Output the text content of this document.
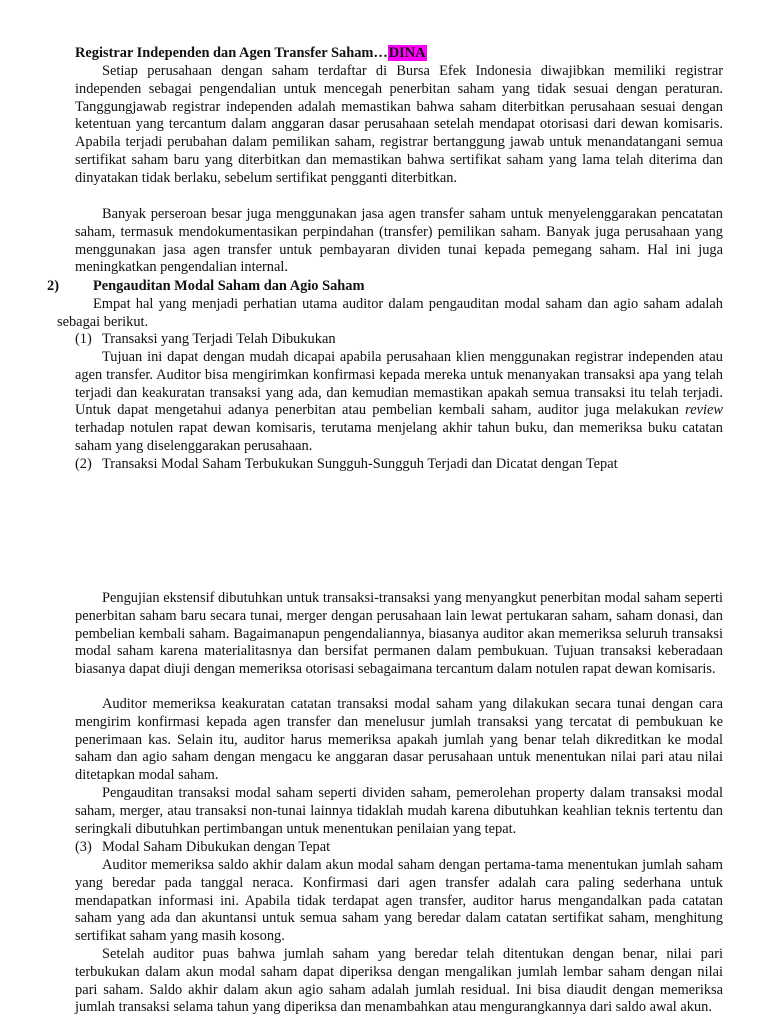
Registrar Independen dan Agen Transfer Saham…DINA

Setiap perusahaan dengan saham terdaftar di Bursa Efek Indonesia diwajibkan memiliki registrar independen sebagai pengendalian untuk mencegah penerbitan saham yang tidak sesuai dengan peraturan. Tanggungjawab registrar independen adalah memastikan bahwa saham diterbitkan perusahaan sesuai dengan ketentuan yang tercantum dalam anggaran dasar perusahaan setelah mendapat otorisasi dari dewan komisaris. Apabila terjadi perubahan dalam pemilikan saham, registrar bertanggung jawab untuk menandatangani semua sertifikat saham baru yang diterbitkan dan memastikan bahwa sertifikat saham yang lama telah diterima dan dinyatakan tidak berlaku, sebelum sertifikat pengganti diterbitkan.

Banyak perseroan besar juga menggunakan jasa agen transfer saham untuk menyelenggarakan pencatatan saham, termasuk mendokumentasikan perpindahan (transfer) pemilikan saham. Banyak juga perusahaan yang menggunakan jasa agen transfer untuk pembayaran dividen tunai kepada pemegang saham. Hal ini juga meningkatkan pengendalian internal.

2) Pengauditan Modal Saham dan Agio Saham

Empat hal yang menjadi perhatian utama auditor dalam pengauditan modal saham dan agio saham adalah sebagai berikut.

(1) Transaksi yang Terjadi Telah Dibukukan

Tujuan ini dapat dengan mudah dicapai apabila perusahaan klien menggunakan registrar independen atau agen transfer. Auditor bisa mengirimkan konfirmasi kepada mereka untuk menanyakan transaksi apa yang telah terjadi dan keakuratan transaksi yang ada, dan kemudian memastikan apakah semua transaksi itu telah terjadi. Untuk dapat mengetahui adanya penerbitan atau pembelian kembali saham, auditor juga melakukan review terhadap notulen rapat dewan komisaris, terutama menjelang akhir tahun buku, dan memeriksa buku catatan saham yang diselenggarakan perusahaan.

(2) Transaksi Modal Saham Terbukukan Sungguh-Sungguh Terjadi dan Dicatat dengan Tepat

Pengujian ekstensif dibutuhkan untuk transaksi-transaksi yang menyangkut penerbitan modal saham seperti penerbitan saham baru secara tunai, merger dengan perusahaan lain lewat pertukaran saham, saham donasi, dan pembelian kembali saham. Bagaimanapun pengendaliannya, biasanya auditor akan memeriksa seluruh transaksi modal saham karena materialitasnya dan bersifat permanen dalam pembukuan. Tujuan transaksi keberadaan biasanya dapat diuji dengan memeriksa otorisasi sebagaimana tercantum dalam notulen rapat dewan komisaris.

Auditor memeriksa keakuratan catatan transaksi modal saham yang dilakukan secara tunai dengan cara mengirim konfirmasi kepada agen transfer dan menelusur jumlah transaksi yang tercatat di pembukuan ke penerimaan kas. Selain itu, auditor harus memeriksa apakah jumlah yang benar telah dikreditkan ke modal saham dan agio saham dengan mengacu ke anggaran dasar perusahaan untuk menentukan nilai pari atau nilai ditetapkan modal saham.

Pengauditan transaksi modal saham seperti dividen saham, pemerolehan property dalam transaksi modal saham, merger, atau transaksi non-tunai lainnya tidaklah mudah karena dibutuhkan keahlian teknis tertentu dan seringkali dibutuhkan pertimbangan untuk menentukan penilaian yang tepat.

(3) Modal Saham Dibukukan dengan Tepat

Auditor memeriksa saldo akhir dalam akun modal saham dengan pertama-tama menentukan jumlah saham yang beredar pada tanggal neraca. Konfirmasi dari agen transfer adalah cara paling sederhana untuk mendapatkan informasi ini. Apabila tidak terdapat agen transfer, auditor harus mengandalkan pada catatan saham yang ada dan akuntansi untuk semua saham yang beredar dalam catatan sertifikat saham, menghitung sertifikat saham yang masih kosong.

Setelah auditor puas bahwa jumlah saham yang beredar telah ditentukan dengan benar, nilai pari terbukukan dalam akun modal saham dapat diperiksa dengan mengalikan jumlah lembar saham dengan nilai pari saham. Saldo akhir dalam akun agio saham adalah jumlah residual. Ini bisa diaudit dengan memeriksa jumlah transaksi selama tahun yang diperiksa dan menambahkan atau mengurangkannya dari saldo awal akun.
